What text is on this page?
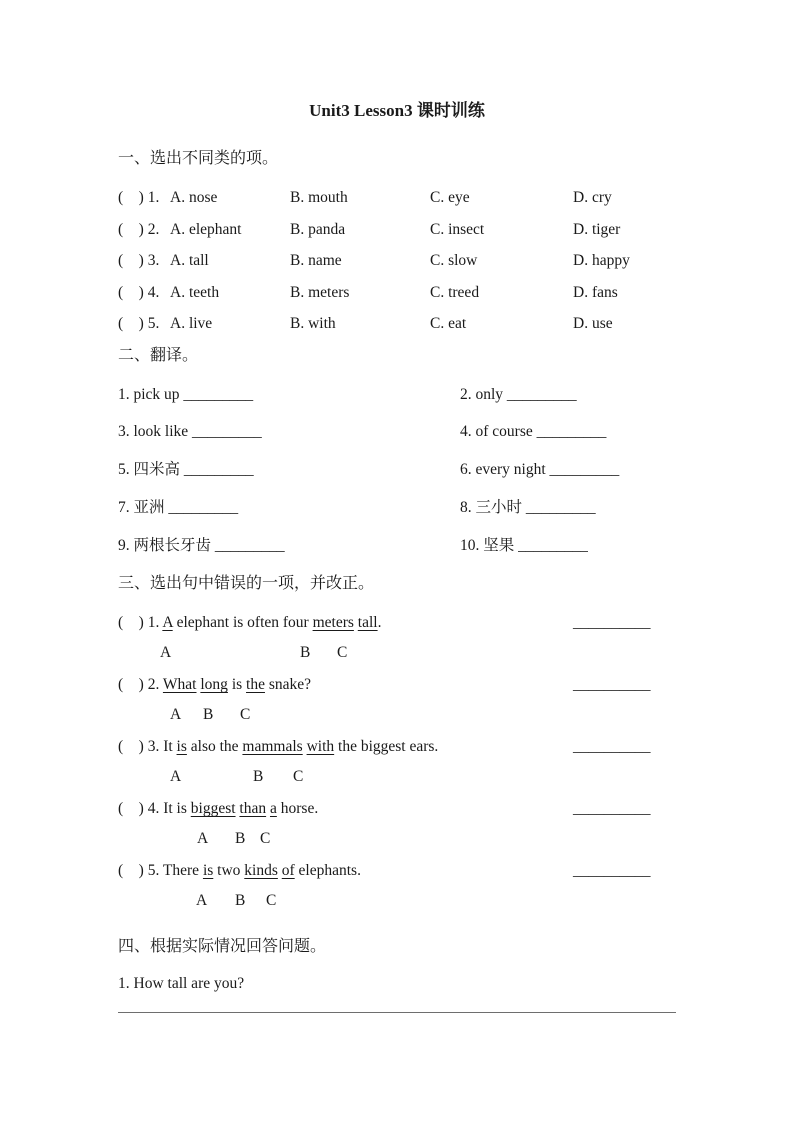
Unit3 Lesson3 课时训练
一、选出不同类的项。
(　) 1. A. nose	B. mouth	C. eye	D. cry
(　) 2. A. elephant	B. panda	C. insect	D. tiger
(　) 3. A. tall	B. name	C. slow	D. happy
(　) 4. A. teeth	B. meters	C. treed	D. fans
(　) 5. A. live	B. with	C. eat	D. use
二、翻译。
1. pick up _________	2. only _________
3. look like _________	4. of course _________
5. 四米高 _________	6. every night _________
7. 亚洲 _________	8. 三小时 _________
9. 两根长牙齿 _________	10. 坚果 _________
三、选出句中错误的一项，并改正。
(　) 1. A elephant is often four meters tall.	__________
A	B C
(　) 2. What long is the snake?	__________
A B C
(　) 3. It is also the mammals with the biggest ears.	__________
A	B C
(　) 4. It is biggest than a horse.	__________
A B C
(　) 5. There is two kinds of elephants.	__________
A B C
四、根据实际情况回答问题。
1. How tall are you?
